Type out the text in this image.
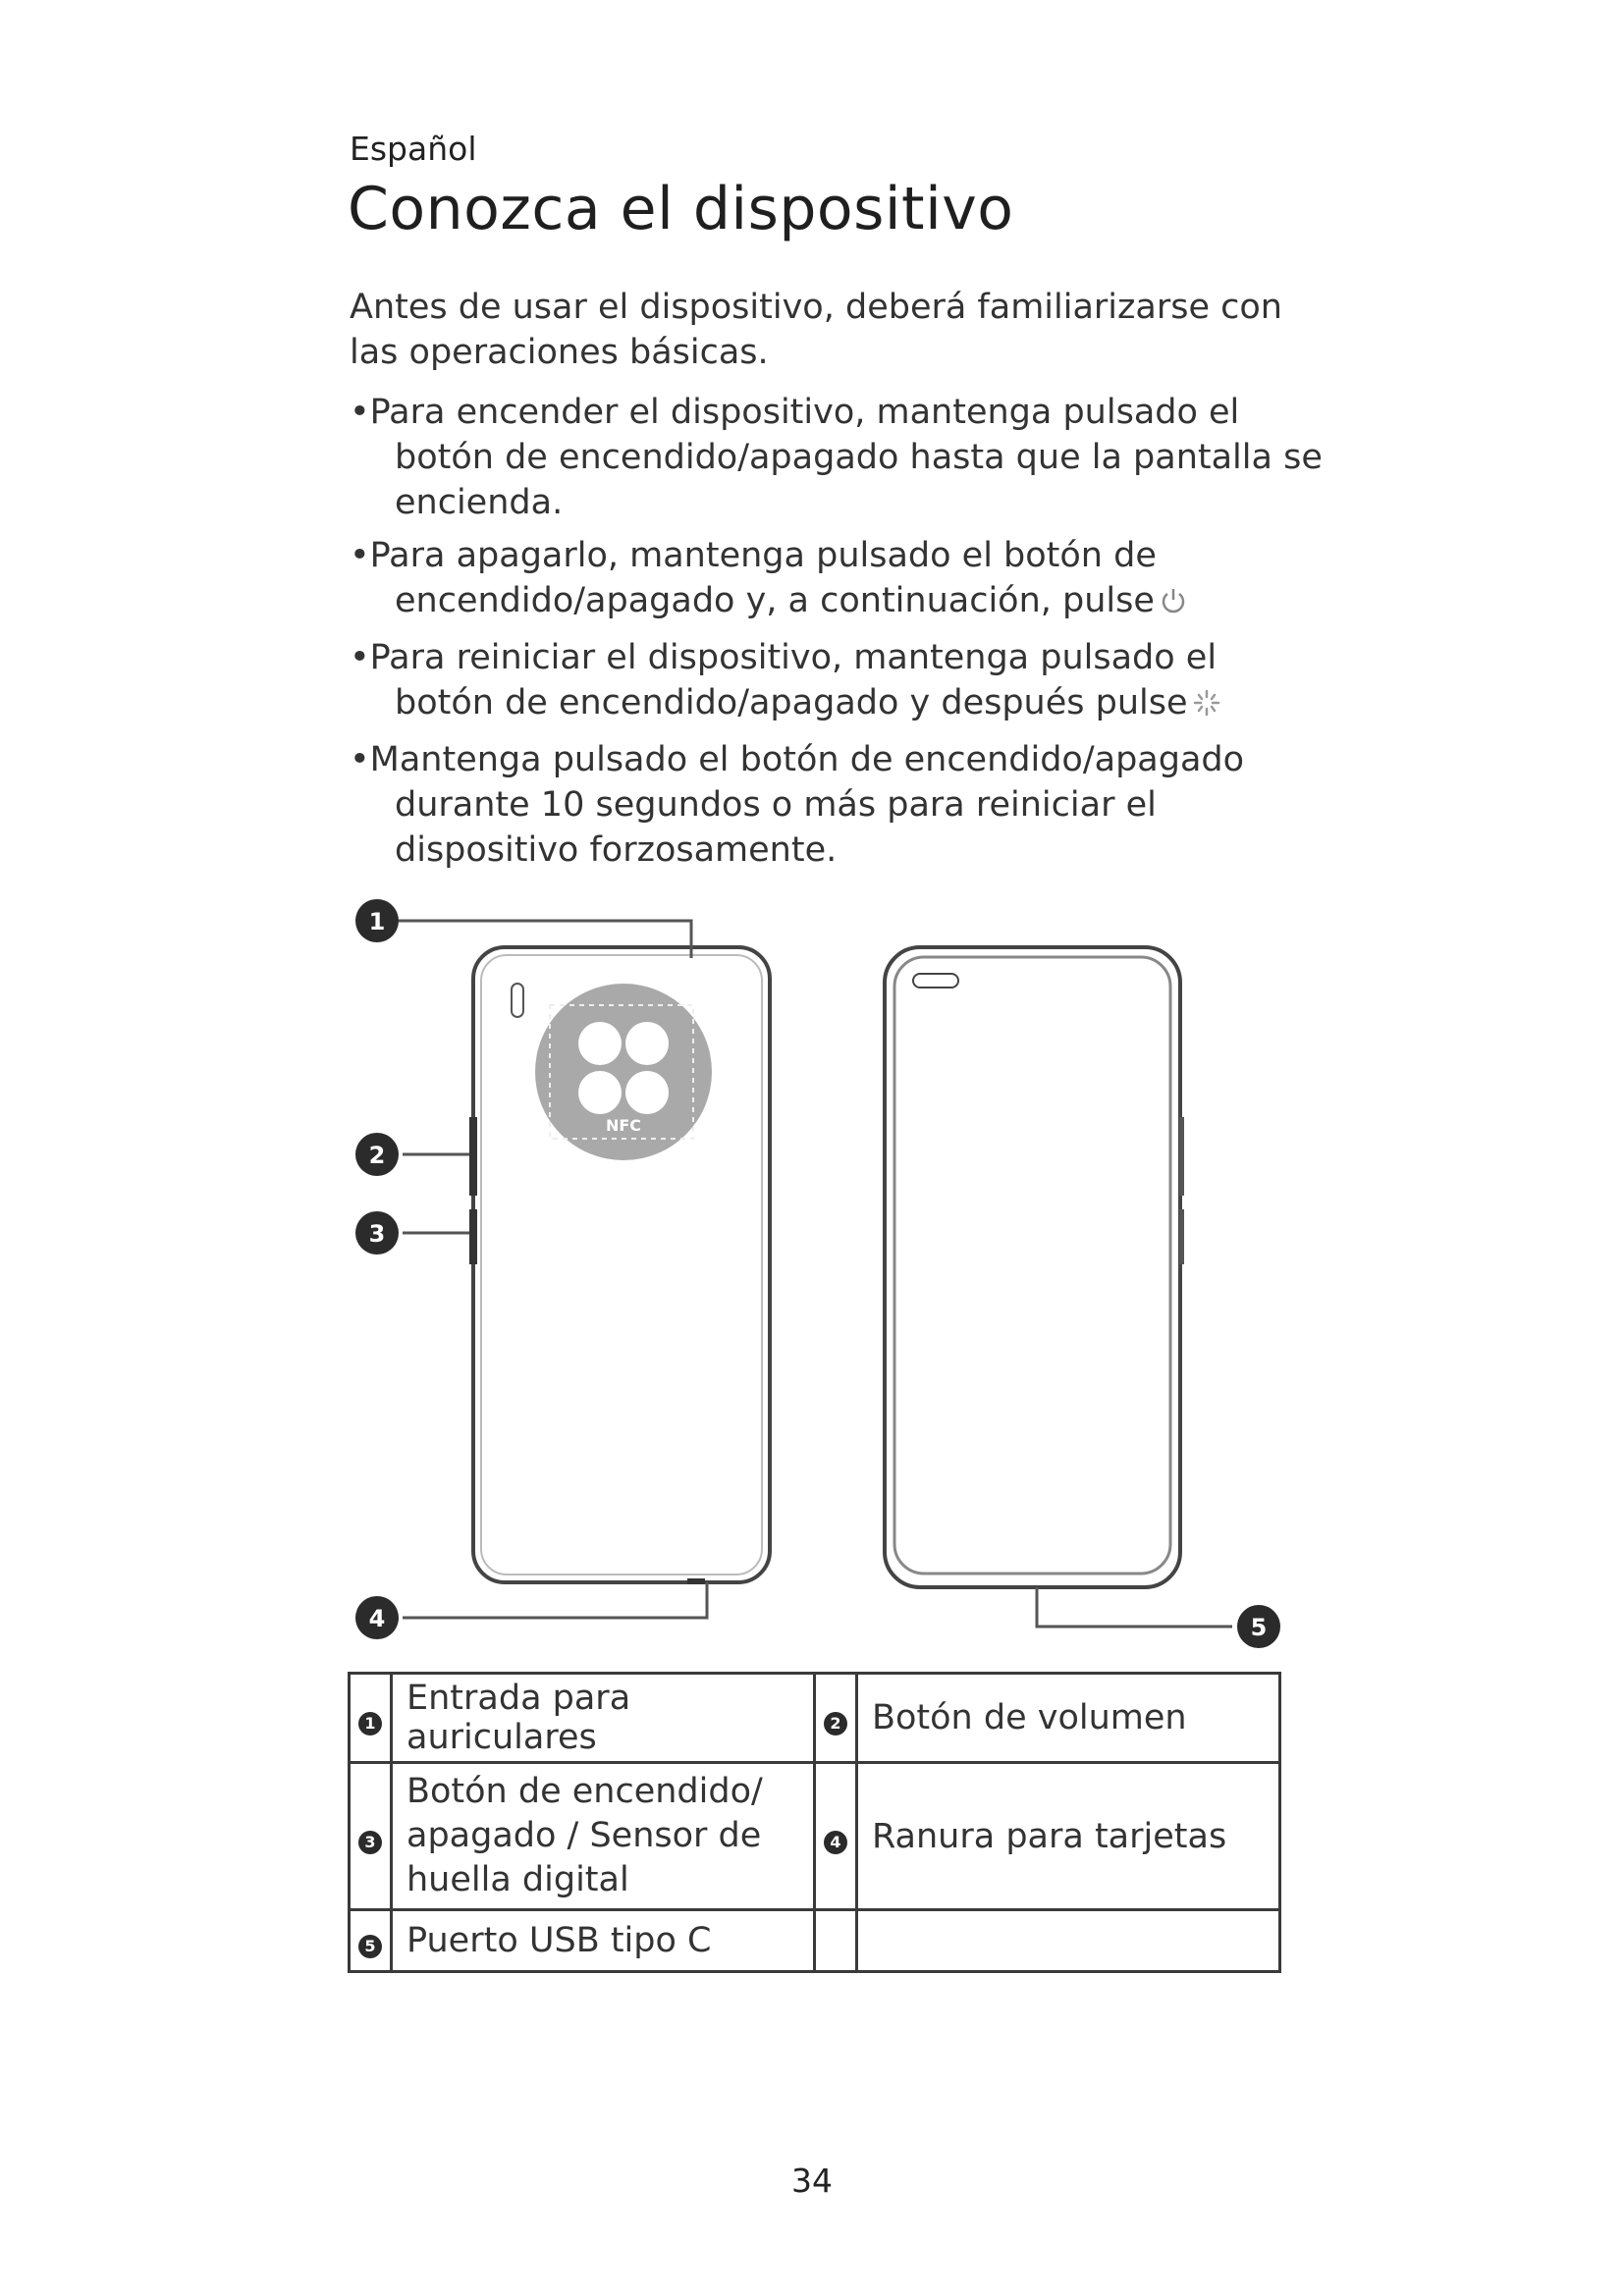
Español
Conozca el dispositivo
Antes de usar el dispositivo, deberá familiarizarse con las operaciones básicas.
•Para encender el dispositivo, mantenga pulsado el
botón de encendido/apagado hasta que la pantalla se encienda.
•Para apagarlo, mantenga pulsado el botón de
encendido/apagado y, a continuación, pulse
•Para reiniciar el dispositivo, mantenga pulsado el
botón de encendido/apagado y después pulse
•Mantenga pulsado el botón de encendido/apagado
durante 10 segundos o más para reiniciar el dispositivo forzosamente.
NFC
1
2
3
4	5
1	Entrada para auriculares	2	Botón de volumen
3	Botón de encendido/ apagado / Sensor de huella digital	4	Ranura para tarjetas
5	Puerto USB tipo C		
34
